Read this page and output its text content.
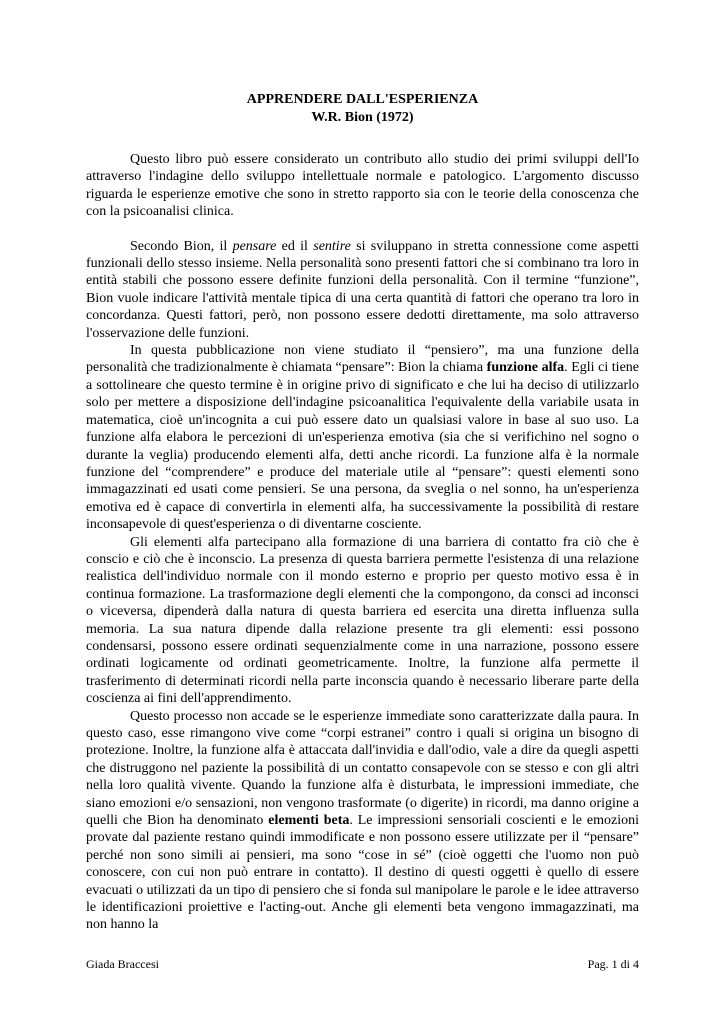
APPRENDERE DALL'ESPERIENZA
W.R. Bion (1972)

Questo libro può essere considerato un contributo allo studio dei primi sviluppi dell'Io attraverso l'indagine dello sviluppo intellettuale normale e patologico. L'argomento discusso riguarda le esperienze emotive che sono in stretto rapporto sia con le teorie della conoscenza che con la psicoanalisi clinica.

Secondo Bion, il pensare ed il sentire si sviluppano in stretta connessione come aspetti funzionali dello stesso insieme. Nella personalità sono presenti fattori che si combinano tra loro in entità stabili che possono essere definite funzioni della personalità. Con il termine “funzione”, Bion vuole indicare l'attività mentale tipica di una certa quantità di fattori che operano tra loro in concordanza. Questi fattori, però, non possono essere dedotti direttamente, ma solo attraverso l'osservazione delle funzioni.

In questa pubblicazione non viene studiato il “pensiero”, ma una funzione della personalità che tradizionalmente è chiamata “pensare”: Bion la chiama funzione alfa. Egli ci tiene a sottolineare che questo termine è in origine privo di significato e che lui ha deciso di utilizzarlo solo per mettere a disposizione dell'indagine psicoanalitica l'equivalente della variabile usata in matematica, cioè un'incognita a cui può essere dato un qualsiasi valore in base al suo uso. La funzione alfa elabora le percezioni di un'esperienza emotiva (sia che si verifichino nel sogno o durante la veglia) producendo elementi alfa, detti anche ricordi. La funzione alfa è la normale funzione del “comprendere” e produce del materiale utile al “pensare”: questi elementi sono immagazzinati ed usati come pensieri. Se una persona, da sveglia o nel sonno, ha un'esperienza emotiva ed è capace di convertirla in elementi alfa, ha successivamente la possibilità di restare inconsapevole di quest'esperienza o di diventarne cosciente.

Gli elementi alfa partecipano alla formazione di una barriera di contatto fra ciò che è conscio e ciò che è inconscio. La presenza di questa barriera permette l'esistenza di una relazione realistica dell'individuo normale con il mondo esterno e proprio per questo motivo essa è in continua formazione. La trasformazione degli elementi che la compongono, da consci ad inconsci o viceversa, dipenderà dalla natura di questa barriera ed esercita una diretta influenza sulla memoria. La sua natura dipende dalla relazione presente tra gli elementi: essi possono condensarsi, possono essere ordinati sequenzialmente come in una narrazione, possono essere ordinati logicamente od ordinati geometricamente. Inoltre, la funzione alfa permette il trasferimento di determinati ricordi nella parte inconscia quando è necessario liberare parte della coscienza ai fini dell'apprendimento.

Questo processo non accade se le esperienze immediate sono caratterizzate dalla paura. In questo caso, esse rimangono vive come “corpi estranei” contro i quali si origina un bisogno di protezione. Inoltre, la funzione alfa è attaccata dall'invidia e dall'odio, vale a dire da quegli aspetti che distruggono nel paziente la possibilità di un contatto consapevole con se stesso e con gli altri nella loro qualità vivente. Quando la funzione alfa è disturbata, le impressioni immediate, che siano emozioni e/o sensazioni, non vengono trasformate (o digerite) in ricordi, ma danno origine a quelli che Bion ha denominato elementi beta. Le impressioni sensoriali coscienti e le emozioni provate dal paziente restano quindi immodificate e non possono essere utilizzate per il “pensare” perché non sono simili ai pensieri, ma sono “cose in sé” (cioè oggetti che l'uomo non può conoscere, con cui non può entrare in contatto). Il destino di questi oggetti è quello di essere evacuati o utilizzati da un tipo di pensiero che si fonda sul manipolare le parole e le idee attraverso le identificazioni proiettive e l'acting-out. Anche gli elementi beta vengono immagazzinati, ma non hanno la

Giada Braccesi	Pag. 1 di 4
